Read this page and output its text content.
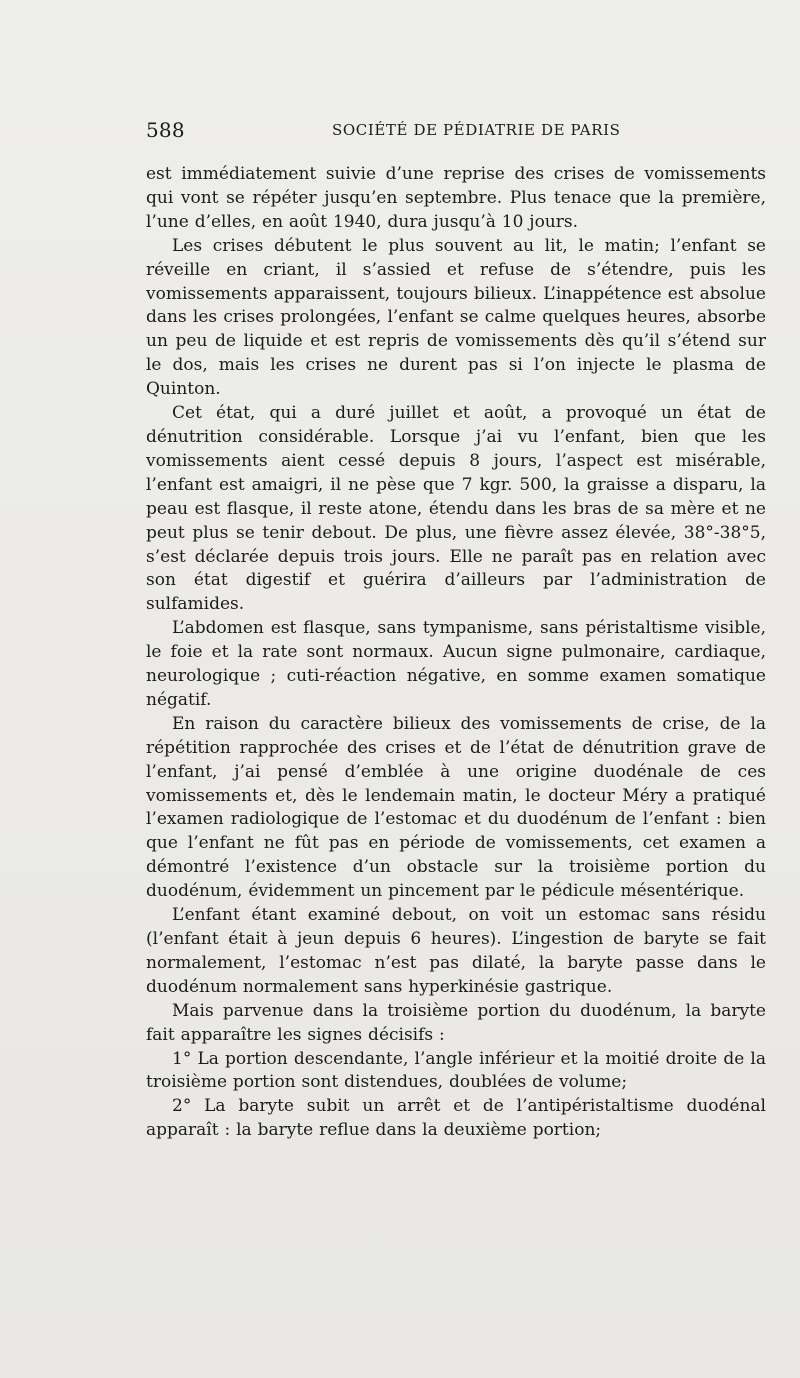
588	SOCIÉTÉ DE PÉDIATRIE DE PARIS

est immédiatement suivie d’une reprise des crises de vomissements qui vont se répéter jusqu’en septembre. Plus tenace que la première, l’une d’elles, en août 1940, dura jusqu’à 10 jours.

Les crises débutent le plus souvent au lit, le matin; l’enfant se réveille en criant, il s’assied et refuse de s’étendre, puis les vomissements apparaissent, toujours bilieux. L’inappétence est absolue dans les crises prolongées, l’enfant se calme quelques heures, absorbe un peu de liquide et est repris de vomissements dès qu’il s’étend sur le dos, mais les crises ne durent pas si l’on injecte le plasma de Quinton.

Cet état, qui a duré juillet et août, a provoqué un état de dénutrition considérable. Lorsque j’ai vu l’enfant, bien que les vomissements aient cessé depuis 8 jours, l’aspect est misérable, l’enfant est amaigri, il ne pèse que 7 kgr. 500, la graisse a disparu, la peau est flasque, il reste atone, étendu dans les bras de sa mère et ne peut plus se tenir debout. De plus, une fièvre assez élevée, 38°-38°5, s’est déclarée depuis trois jours. Elle ne paraît pas en relation avec son état digestif et guérira d’ailleurs par l’administration de sulfamides.

L’abdomen est flasque, sans tympanisme, sans péristaltisme visible, le foie et la rate sont normaux. Aucun signe pulmonaire, cardiaque, neurologique ; cuti-réaction négative, en somme examen somatique négatif.

En raison du caractère bilieux des vomissements de crise, de la répétition rapprochée des crises et de l’état de dénutrition grave de l’enfant, j’ai pensé d’emblée à une origine duodénale de ces vomissements et, dès le lendemain matin, le docteur Méry a pratiqué l’examen radiologique de l’estomac et du duodénum de l’enfant : bien que l’enfant ne fût pas en période de vomissements, cet examen a démontré l’existence d’un obstacle sur la troisième portion du duodénum, évidemment un pincement par le pédicule mésentérique.

L’enfant étant examiné debout, on voit un estomac sans résidu (l’enfant était à jeun depuis 6 heures). L’ingestion de baryte se fait normalement, l’estomac n’est pas dilaté, la baryte passe dans le duodénum normalement sans hyperkinésie gastrique.

Mais parvenue dans la troisième portion du duodénum, la baryte fait apparaître les signes décisifs :

1° La portion descendante, l’angle inférieur et la moitié droite de la troisième portion sont distendues, doublées de volume;

2° La baryte subit un arrêt et de l’antipéristaltisme duodénal apparaît : la baryte reflue dans la deuxième portion;
